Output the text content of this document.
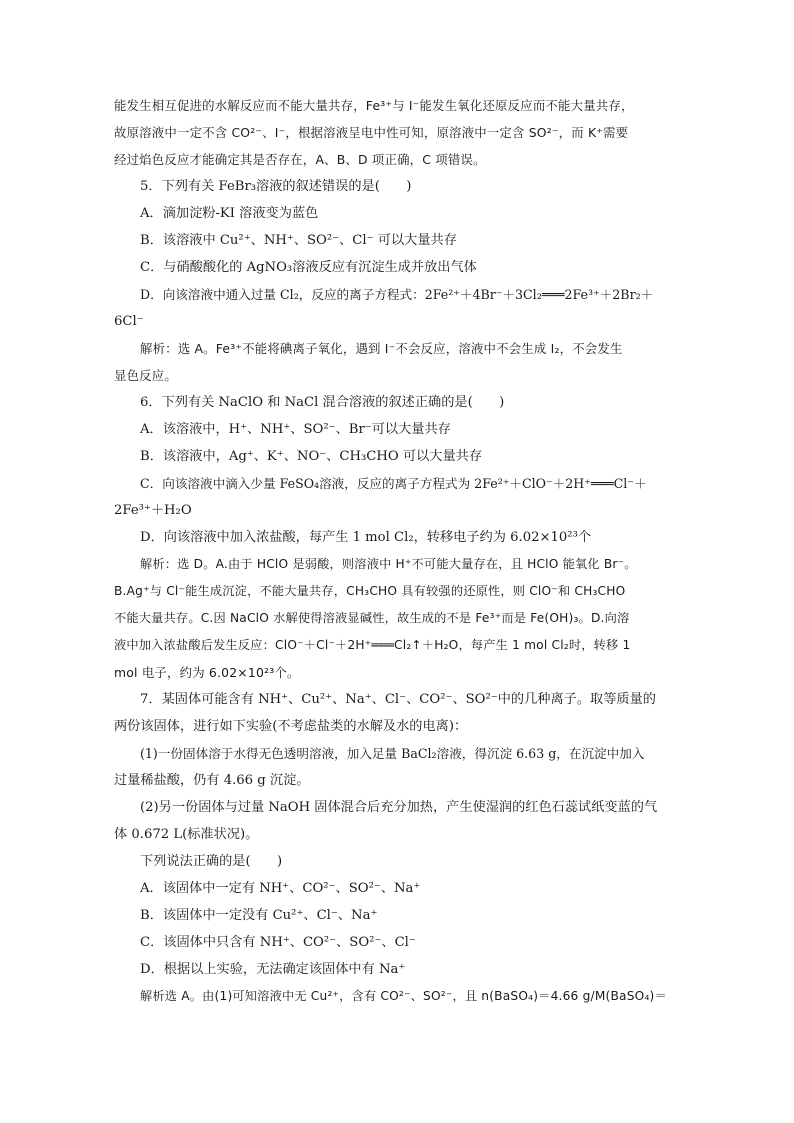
能发生相互促进的水解反应而不能大量共存，Fe³⁺与 I⁻能发生氧化还原反应而不能大量共存，
故原溶液中一定不含 CO²⁻、I⁻，根据溶液呈电中性可知，原溶液中一定含 SO²⁻，而 K⁺需要
经过焰色反应才能确定其是否存在，A、B、D 项正确，C 项错误。
5．下列有关 FeBr₃溶液的叙述错误的是(　　)
A．滴加淀粉-KI 溶液变为蓝色
B．该溶液中 Cu²⁺、NH⁺、SO²⁻、Cl⁻ 可以大量共存
C．与硝酸酸化的 AgNO₃溶液反应有沉淀生成并放出气体
D．向该溶液中通入过量 Cl₂，反应的离子方程式：2Fe²⁺＋4Br⁻＋3Cl₂═══2Fe³⁺＋2Br₂＋
6Cl⁻
解析：选 A。Fe³⁺不能将碘离子氧化，遇到 I⁻不会反应，溶液中不会生成 I₂，不会发生
显色反应。
6．下列有关 NaClO 和 NaCl 混合溶液的叙述正确的是(　　)
A．该溶液中，H⁺、NH⁺、SO²⁻、Br⁻可以大量共存
B．该溶液中，Ag⁺、K⁺、NO⁻、CH₃CHO 可以大量共存
C．向该溶液中滴入少量 FeSO₄溶液，反应的离子方程式为 2Fe²⁺＋ClO⁻＋2H⁺═══Cl⁻＋
2Fe³⁺＋H₂O
D．向该溶液中加入浓盐酸，每产生 1 mol Cl₂，转移电子约为 6.02×10²³个
解析：选 D。A.由于 HClO 是弱酸，则溶液中 H⁺不可能大量存在，且 HClO 能氧化 Br⁻。
B.Ag⁺与 Cl⁻能生成沉淀，不能大量共存，CH₃CHO 具有较强的还原性，则 ClO⁻和 CH₃CHO
不能大量共存。C.因 NaClO 水解使得溶液显碱性，故生成的不是 Fe³⁺而是 Fe(OH)₃。D.向溶
液中加入浓盐酸后发生反应：ClO⁻＋Cl⁻＋2H⁺═══Cl₂↑＋H₂O，每产生 1 mol Cl₂时，转移 1
mol 电子，约为 6.02×10²³个。
7．某固体可能含有 NH⁺、Cu²⁺、Na⁺、Cl⁻、CO²⁻、SO²⁻中的几种离子。取等质量的
两份该固体，进行如下实验(不考虑盐类的水解及水的电离)：
(1)一份固体溶于水得无色透明溶液，加入足量 BaCl₂溶液，得沉淀 6.63 g，在沉淀中加入
过量稀盐酸，仍有 4.66 g 沉淀。
(2)另一份固体与过量 NaOH 固体混合后充分加热，产生使湿润的红色石蕊试纸变蓝的气
体 0.672 L(标准状况)。
下列说法正确的是(　　)
A．该固体中一定有 NH⁺、CO²⁻、SO²⁻、Na⁺
B．该固体中一定没有 Cu²⁺、Cl⁻、Na⁺
C．该固体中只含有 NH⁺、CO²⁻、SO²⁻、Cl⁻
D．根据以上实验，无法确定该固体中有 Na⁺
解析选 A。由(1)可知溶液中无 Cu²⁺，含有 CO²⁻、SO²⁻，且 n(BaSO₄)＝4.66 g/M(BaSO₄)＝
